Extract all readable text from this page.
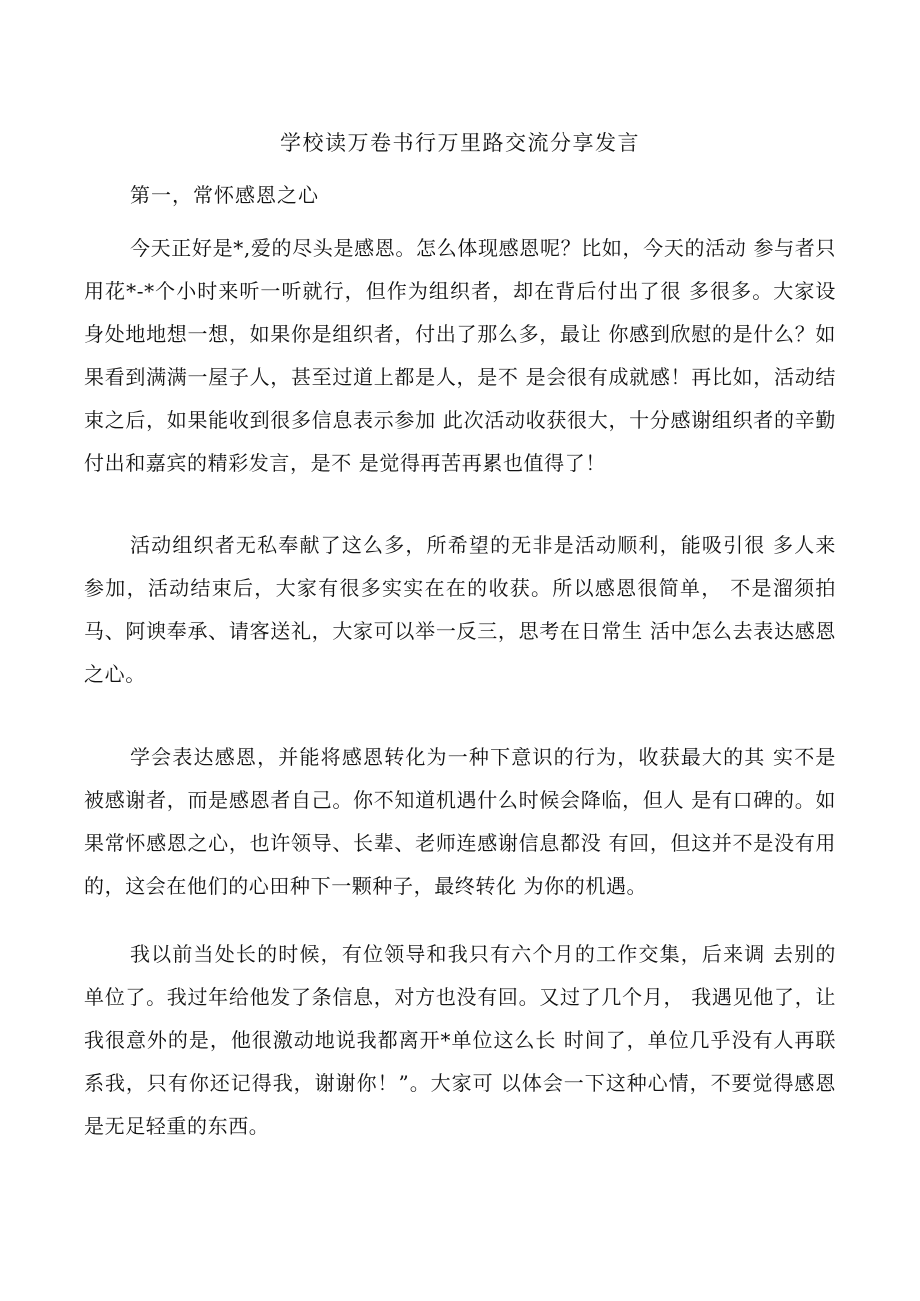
学校读万卷书行万里路交流分享发言
第一，常怀感恩之心

今天正好是*,爱的尽头是感恩。怎么体现感恩呢？比如，今天的活动 参与者只用花*-*个小时来听一听就行，但作为组织者，却在背后付出了很 多很多。大家设身处地地想一想，如果你是组织者，付出了那么多，最让 你感到欣慰的是什么？如果看到满满一屋子人，甚至过道上都是人，是不 是会很有成就感！再比如，活动结束之后，如果能收到很多信息表示参加 此次活动收获很大，十分感谢组织者的辛勤付出和嘉宾的精彩发言，是不 是觉得再苦再累也值得了！

活动组织者无私奉献了这么多，所希望的无非是活动顺利，能吸引很 多人来参加，活动结束后，大家有很多实实在在的收获。所以感恩很简单， 不是溜须拍马、阿谀奉承、请客送礼，大家可以举一反三，思考在日常生 活中怎么去表达感恩之心。

学会表达感恩，并能将感恩转化为一种下意识的行为，收获最大的其 实不是被感谢者，而是感恩者自己。你不知道机遇什么时候会降临，但人 是有口碑的。如果常怀感恩之心，也许领导、长辈、老师连感谢信息都没 有回，但这并不是没有用的，这会在他们的心田种下一颗种子，最终转化 为你的机遇。

我以前当处长的时候，有位领导和我只有六个月的工作交集，后来调 去别的单位了。我过年给他发了条信息，对方也没有回。又过了几个月， 我遇见他了，让我很意外的是，他很激动地说我都离开*单位这么长 时间了，单位几乎没有人再联系我，只有你还记得我，谢谢你！”。大家可 以体会一下这种心情，不要觉得感恩是无足轻重的东西。
